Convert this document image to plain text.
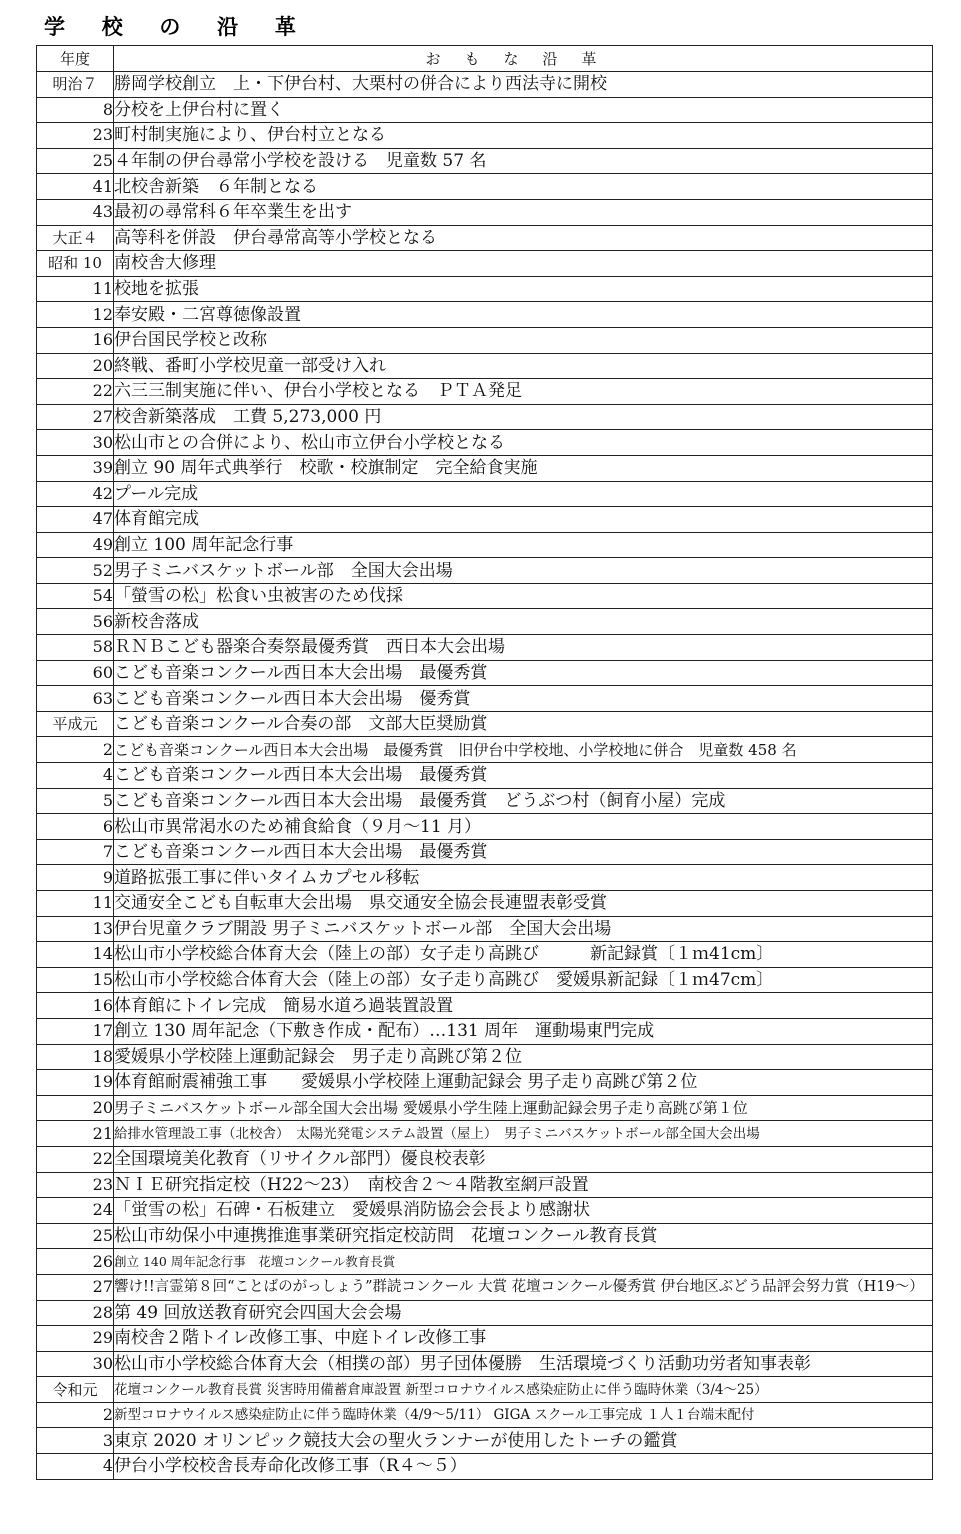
学 校 の 沿 革
年度	おもな沿革
明治７	勝岡学校創立　上・下伊台村、大栗村の併合により西法寺に開校
8	分校を上伊台村に置く
23	町村制実施により、伊台村立となる
25	４年制の伊台尋常小学校を設ける　児童数 57 名
41	北校舎新築　６年制となる
43	最初の尋常科６年卒業生を出す
大正４	高等科を併設　伊台尋常高等小学校となる
昭和 10	南校舎大修理
11	校地を拡張
12	奉安殿・二宮尊徳像設置
16	伊台国民学校と改称
20	終戦、番町小学校児童一部受け入れ
22	六三三制実施に伴い、伊台小学校となる　ＰＴＡ発足
27	校舎新築落成　工費 5,273,000 円
30	松山市との合併により、松山市立伊台小学校となる
39	創立 90 周年式典挙行　校歌・校旗制定　完全給食実施
42	プール完成
47	体育館完成
49	創立 100 周年記念行事
52	男子ミニバスケットボール部　全国大会出場
54	「螢雪の松」松食い虫被害のため伐採
56	新校舎落成
58	ＲＮＢこども器楽合奏祭最優秀賞　西日本大会出場
60	こども音楽コンクール西日本大会出場　最優秀賞
63	こども音楽コンクール西日本大会出場　優秀賞
平成元	こども音楽コンクール合奏の部　文部大臣奨励賞
2	こども音楽コンクール西日本大会出場　最優秀賞　旧伊台中学校地、小学校地に併合　児童数 458 名
4	こども音楽コンクール西日本大会出場　最優秀賞
5	こども音楽コンクール西日本大会出場　最優秀賞　どうぶつ村（飼育小屋）完成
6	松山市異常渇水のため補食給食（９月～11 月）
7	こども音楽コンクール西日本大会出場　最優秀賞
9	道路拡張工事に伴いタイムカプセル移転
11	交通安全こども自転車大会出場　県交通安全協会長連盟表彰受賞
13	伊台児童クラブ開設 男子ミニバスケットボール部　全国大会出場
14	松山市小学校総合体育大会（陸上の部）女子走り高跳び　　　新記録賞〔１ｍ41cm〕
15	松山市小学校総合体育大会（陸上の部）女子走り高跳び　愛媛県新記録〔１ｍ47cm〕
16	体育館にトイレ完成　簡易水道ろ過装置設置
17	創立 130 周年記念（下敷き作成・配布）…131 周年　運動場東門完成
18	愛媛県小学校陸上運動記録会　男子走り高跳び第２位
19	体育館耐震補強工事　　愛媛県小学校陸上運動記録会 男子走り高跳び第２位
20	男子ミニバスケットボール部全国大会出場 愛媛県小学生陸上運動記録会男子走り高跳び第１位
21	給排水管理設工事（北校舎）　太陽光発電システム設置（屋上）　男子ミニバスケットボール部全国大会出場
22	全国環境美化教育（リサイクル部門）優良校表彰
23	ＮＩＥ研究指定校（H22～23）　南校舎２～４階教室網戸設置
24	「蛍雪の松」石碑・石板建立　愛媛県消防協会会長より感謝状
25	松山市幼保小中連携推進事業研究指定校訪問　花壇コンクール教育長賞
26	創立 140 周年記念行事　花壇コンクール教育長賞
27	響け!!言霊第８回“ことばのがっしょう”群読コンクール 大賞 花壇コンクール優秀賞 伊台地区ぶどう品評会努力賞（H19～）
28	第 49 回放送教育研究会四国大会会場
29	南校舎２階トイレ改修工事、中庭トイレ改修工事
30	松山市小学校総合体育大会（相撲の部）男子団体優勝　生活環境づくり活動功労者知事表彰
令和元	花壇コンクール教育長賞 災害時用備蓄倉庫設置 新型コロナウイルス感染症防止に伴う臨時休業（3/4～25）
2	新型コロナウイルス感染症防止に伴う臨時休業（4/9～5/11） GIGA スクール工事完成 １人１台端末配付
3	東京 2020 オリンピック競技大会の聖火ランナーが使用したトーチの鑑賞
4	伊台小学校校舎長寿命化改修工事（R４～５）
